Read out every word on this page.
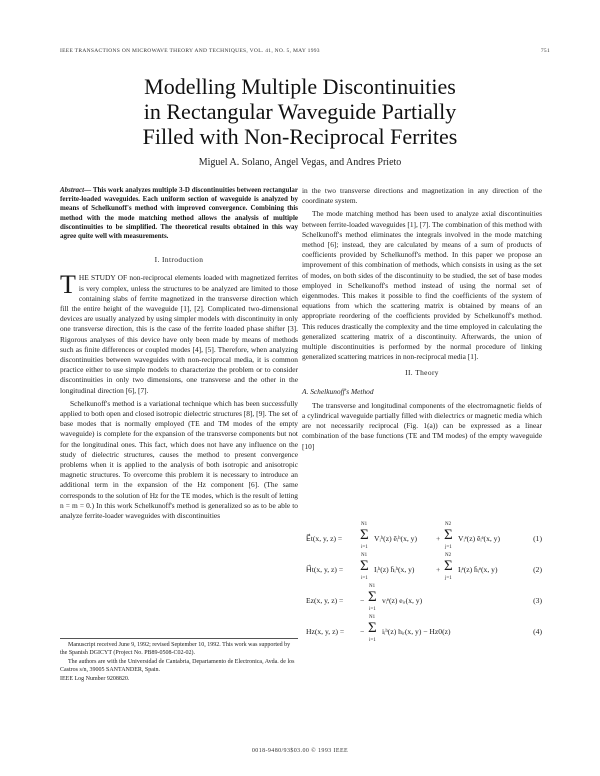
IEEE TRANSACTIONS ON MICROWAVE THEORY AND TECHNIQUES, VOL. 41, NO. 5, MAY 1993	751
Modelling Multiple Discontinuities
in Rectangular Waveguide Partially
Filled with Non-Reciprocal Ferrites
Miguel A. Solano, Angel Vegas, and Andres Prieto
Abstract— This work analyzes multiple 3-D discontinuities between rectangular ferrite-loaded waveguides. Each uniform section of waveguide is analyzed by means of Schelkunoff's method with improved convergence. Combining this method with the mode matching method allows the analysis of multiple discontinuities to be simplified. The theoretical results obtained in this way agree quite well with measurements.
I. Introduction

THE STUDY OF non-reciprocal elements loaded with magnetized ferrites is very complex, unless the structures to be analyzed are limited to those containing slabs of ferrite magnetized in the transverse direction which fill the entire height of the waveguide [1], [2]. Complicated two-dimensional devices are usually analyzed by using simpler models with discontinuity in only one transverse direction, this is the case of the ferrite loaded phase shifter [3]. Rigorous analyses of this device have only been made by means of methods such as finite differences or coupled modes [4], [5]. Therefore, when analyzing discontinuities between waveguides with non-reciprocal media, it is common practice either to use simple models to characterize the problem or to consider discontinuities in only two dimensions, one transverse and the other in the longitudinal direction [6], [7].

Schelkunoff's method is a variational technique which has been successfully applied to both open and closed isotropic dielectric structures [8], [9]. The set of base modes that is normally employed (TE and TM modes of the empty waveguide) is complete for the expansion of the transverse components but not for the longitudinal ones. This fact, which does not have any influence on the study of dielectric structures, causes the method to present convergence problems when it is applied to the analysis of both isotropic and anisotropic magnetic structures. To overcome this problem it is necessary to introduce an additional term in the expansion of the Hz component [6]. (The same corresponds to the solution of Hz for the TE modes, which is the result of letting n = m = 0.) In this work Schelkunoff's method is generalized so as to be able to analyze ferrite-loader waveguides with discontinuities

Manuscript received June 9, 1992; revised September 10, 1992. This work was supported by the Spanish DGICYT (Project No. PB89-0508-C02-02).

The authors are with the Universidad de Cantabria, Departamento de Electronica, Avda. de los Castros s/n, 39005 SANTANDER, Spain.

IEEE Log Number 9208820.

in the two transverse directions and magnetization in any direction of the coordinate system.

The mode matching method has been used to analyze axial discontinuities between ferrite-loaded waveguides [1], [7]. The combination of this method with Schelkunoff's method eliminates the integrals involved in the mode matching method [6]; instead, they are calculated by means of a sum of products of coefficients provided by Schelkunoff's method. In this paper we propose an improvement of this combination of methods, which consists in using as the set of modes, on both sides of the discontinuity to be studied, the set of base modes employed in Schelkunoff's method instead of using the normal set of eigenmodes. This makes it possible to find the coefficients of the system of equations from which the scattering matrix is obtained by means of an appropriate reordering of the coefficients provided by Schelkunoff's method. This reduces drastically the complexity and the time employed in calculating the generalized scattering matrix of a discontinuity. Afterwards, the union of multiple discontinuities is performed by the normal procedure of linking generalized scattering matrices in non-reciprocal media [1].

II. Theory
A. Schelkunoff's Method

The transverse and longitudinal components of the electromagnetic fields of a cylindrical waveguide partially filled with dielectrics or magnetic media which are not necessarily reciprocal (Fig. 1(a)) can be expressed as a linear combination of the base functions (TE and TM modes) of the empty waveguide [10]

E⃗t(x, y, z) = Σ
N1
i=1
Vᵢʰ(z) ēᵢʰ(x, y)	+ Σ
N2
j=1
Vᵢᵉ(z) ēᵢᵉ(x, y)	(1)
H⃗t(x, y, z) = Σ
N1
i=1
Iᵢʰ(z) h̄ᵢʰ(x, y)	+ Σ
N2
j=1
Iᵢᵉ(z) h̄ᵢᵉ(x, y)	(2)
Ez(x, y, z) = − Σ
N1
i=1
vᵢᵉ(z) eᵢᵣ(x, y)	(3)
Hz(x, y, z) = − Σ
N1
i=1
iᵢʰ(z) hᵢᵣ(x, y) − Hz0(z)	(4)
0018-9480/93$03.00 © 1993 IEEE
